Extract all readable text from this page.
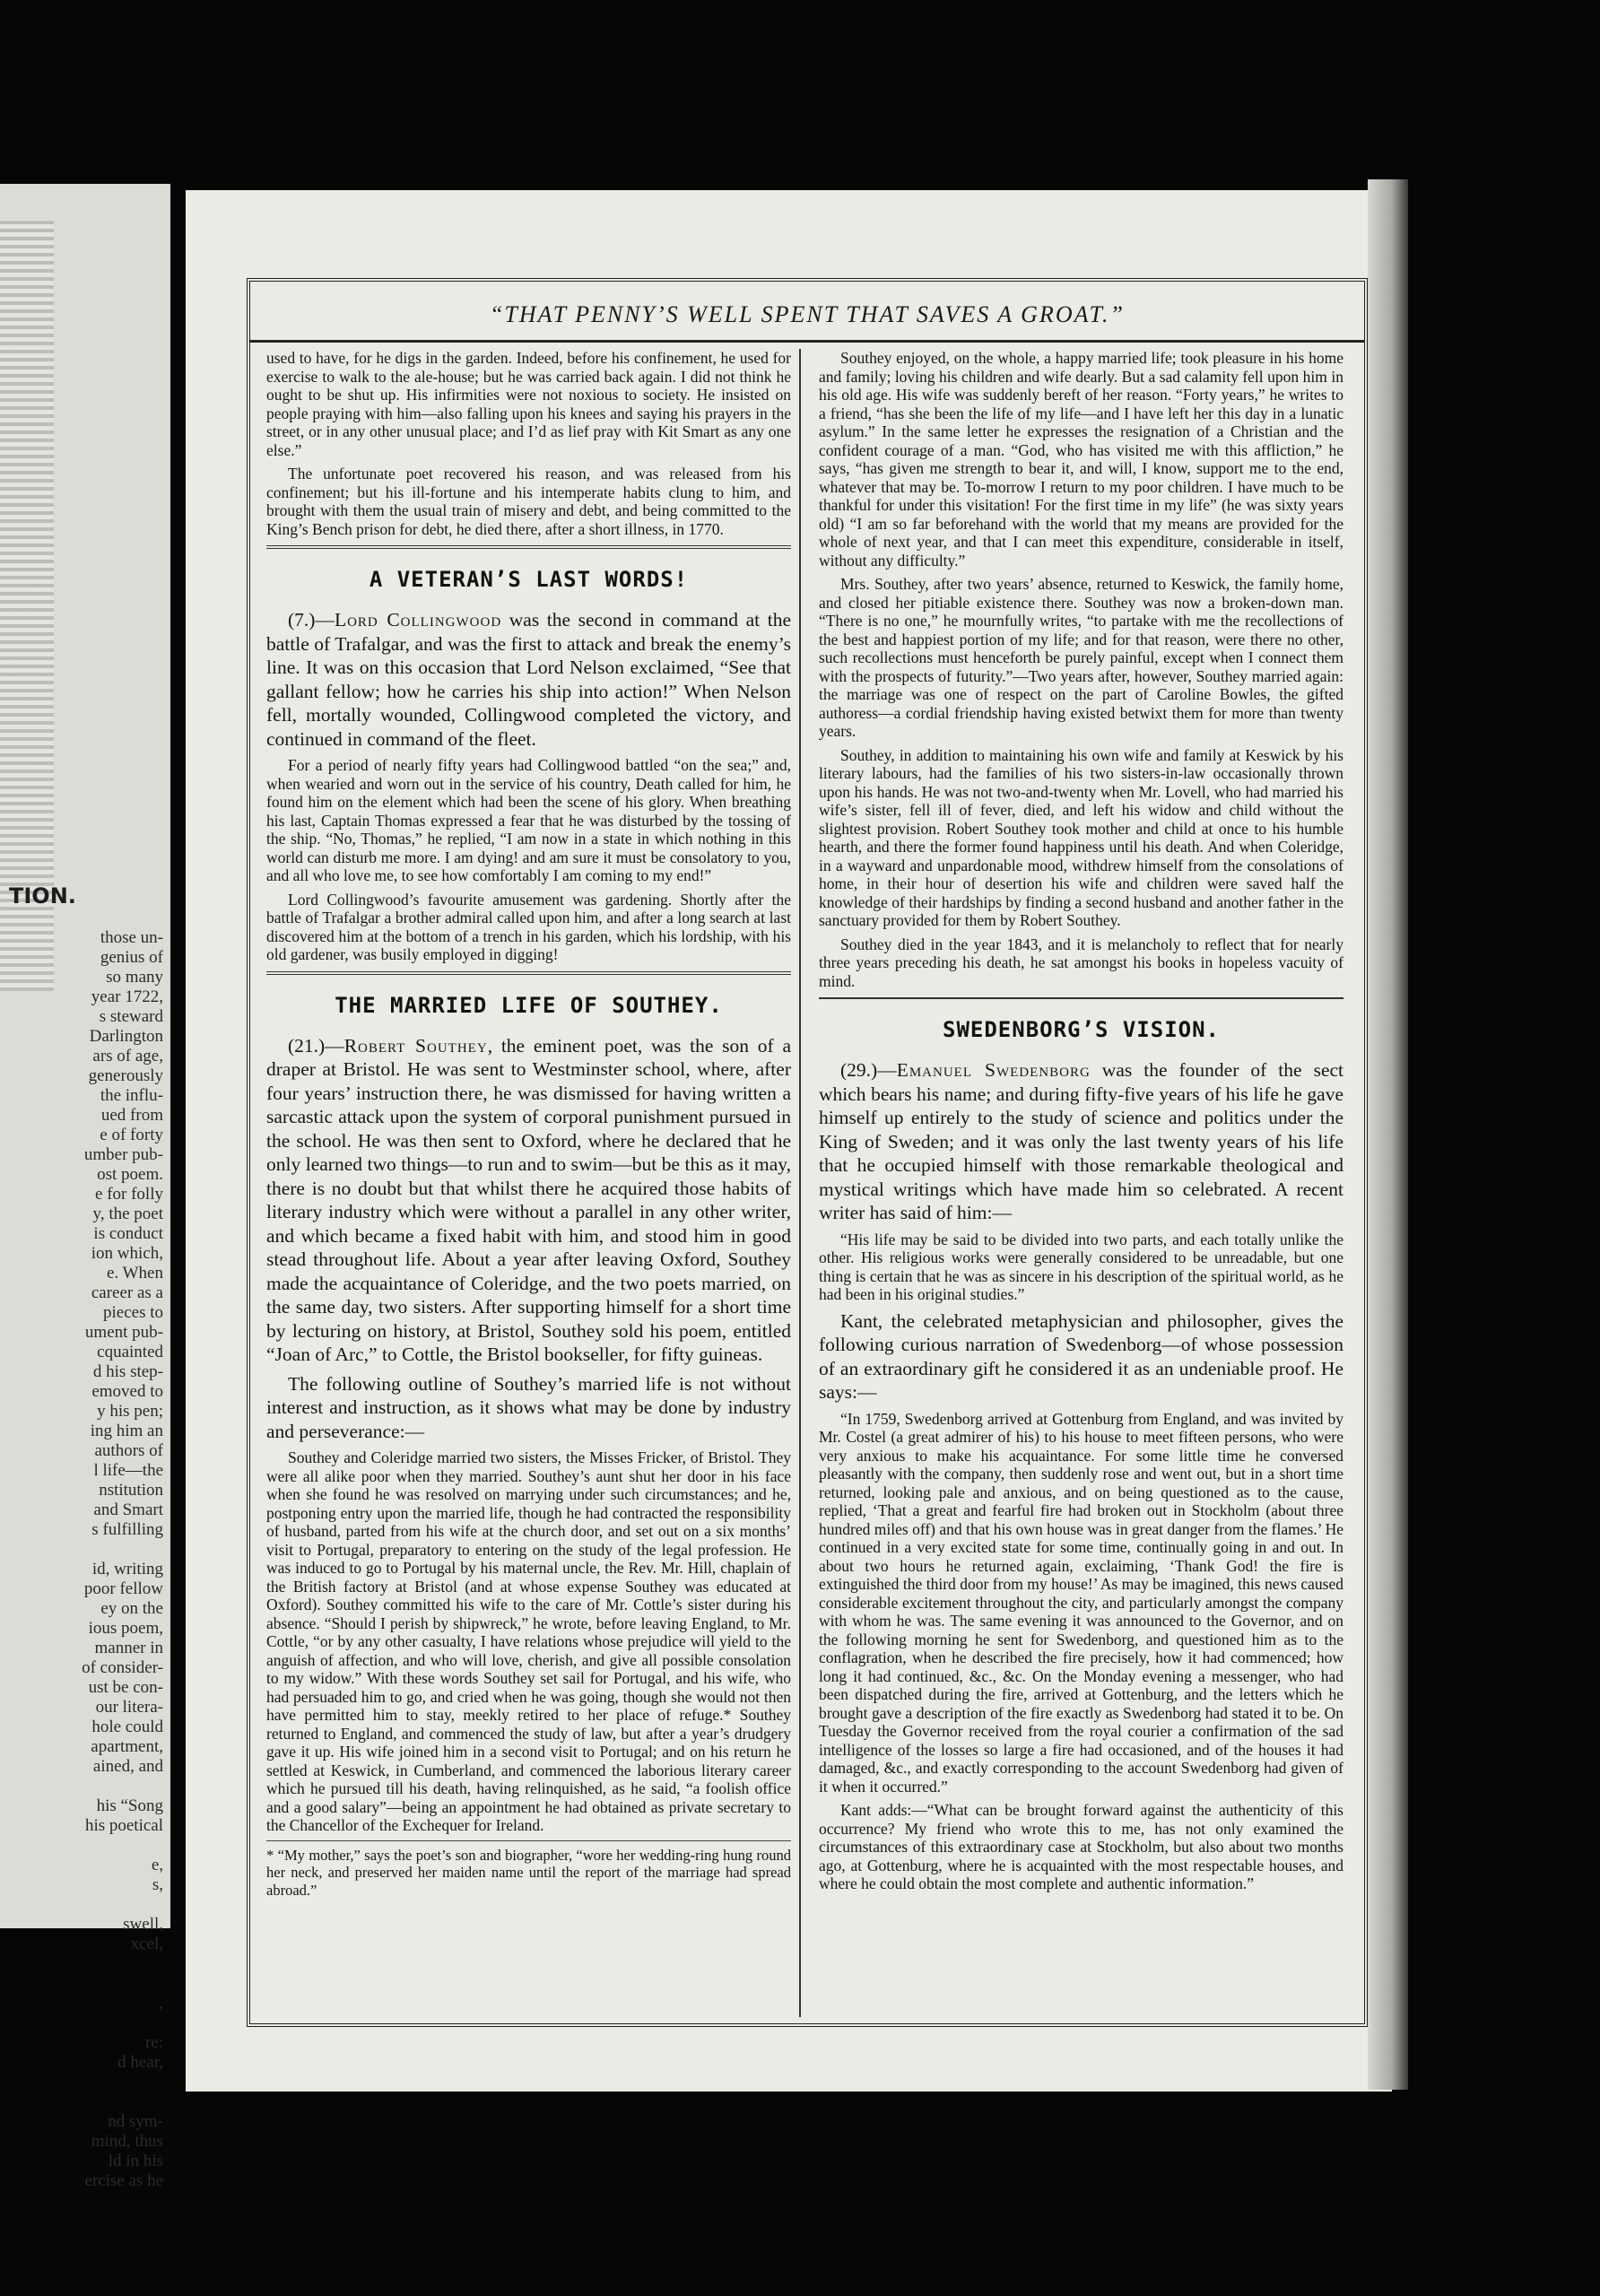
TION.
those un-
genius of
so many
year 1722,
s steward
Darlington
ars of age,
generously
the influ-
ued from
e of forty
umber pub-
ost poem.
e for folly
y, the poet
is conduct
ion which,
e. When
career as a
pieces to
ument pub-
cquainted
d his step-
emoved to
y his pen;
ing him an
authors of
l life—the
nstitution
and Smart
s fulfilling
id, writing
poor fellow
ey on the
ious poem,
manner in
of consider-
ust be con-
our litera-
hole could
apartment,
ained, and
his “Song
his poetical
e,
s,
swell,
xcel,
,
re:
d hear,
nd sym-
mind, thus
ld in his
ercise as he
“THAT PENNY’S WELL SPENT THAT SAVES A GROAT.”

used to have, for he digs in the garden. Indeed, before his confinement, he used for exercise to walk to the ale-house; but he was carried back again. I did not think he ought to be shut up. His infirmities were not noxious to society. He insisted on people praying with him—also falling upon his knees and saying his prayers in the street, or in any other unusual place; and I’d as lief pray with Kit Smart as any one else.”

The unfortunate poet recovered his reason, and was released from his confinement; but his ill-fortune and his intemperate habits clung to him, and brought with them the usual train of misery and debt, and being committed to the King’s Bench prison for debt, he died there, after a short illness, in 1770.

A VETERAN’S LAST WORDS!

(7.)—Lord Collingwood was the second in command at the battle of Trafalgar, and was the first to attack and break the enemy’s line. It was on this occasion that Lord Nelson exclaimed, “See that gallant fellow; how he carries his ship into action!” When Nelson fell, mortally wounded, Collingwood completed the victory, and continued in command of the fleet.

For a period of nearly fifty years had Collingwood battled “on the sea;” and, when wearied and worn out in the service of his country, Death called for him, he found him on the element which had been the scene of his glory. When breathing his last, Captain Thomas expressed a fear that he was disturbed by the tossing of the ship. “No, Thomas,” he replied, “I am now in a state in which nothing in this world can disturb me more. I am dying! and am sure it must be consolatory to you, and all who love me, to see how comfortably I am coming to my end!”

Lord Collingwood’s favourite amusement was gardening. Shortly after the battle of Trafalgar a brother admiral called upon him, and after a long search at last discovered him at the bottom of a trench in his garden, which his lordship, with his old gardener, was busily employed in digging!

THE MARRIED LIFE OF SOUTHEY.

(21.)—Robert Southey, the eminent poet, was the son of a draper at Bristol. He was sent to Westminster school, where, after four years’ instruction there, he was dismissed for having written a sarcastic attack upon the system of corporal punishment pursued in the school. He was then sent to Oxford, where he declared that he only learned two things—to run and to swim—but be this as it may, there is no doubt but that whilst there he acquired those habits of literary industry which were without a parallel in any other writer, and which became a fixed habit with him, and stood him in good stead throughout life. About a year after leaving Oxford, Southey made the acquaintance of Coleridge, and the two poets married, on the same day, two sisters. After supporting himself for a short time by lecturing on history, at Bristol, Southey sold his poem, entitled “Joan of Arc,” to Cottle, the Bristol bookseller, for fifty guineas.

The following outline of Southey’s married life is not without interest and instruction, as it shows what may be done by industry and perseverance:—

Southey and Coleridge married two sisters, the Misses Fricker, of Bristol. They were all alike poor when they married. Southey’s aunt shut her door in his face when she found he was resolved on marrying under such circumstances; and he, postponing entry upon the married life, though he had contracted the responsibility of husband, parted from his wife at the church door, and set out on a six months’ visit to Portugal, preparatory to entering on the study of the legal profession. He was induced to go to Portugal by his maternal uncle, the Rev. Mr. Hill, chaplain of the British factory at Bristol (and at whose expense Southey was educated at Oxford). Southey committed his wife to the care of Mr. Cottle’s sister during his absence. “Should I perish by shipwreck,” he wrote, before leaving England, to Mr. Cottle, “or by any other casualty, I have relations whose prejudice will yield to the anguish of affection, and who will love, cherish, and give all possible consolation to my widow.” With these words Southey set sail for Portugal, and his wife, who had persuaded him to go, and cried when he was going, though she would not then have permitted him to stay, meekly retired to her place of refuge.* Southey returned to England, and commenced the study of law, but after a year’s drudgery gave it up. His wife joined him in a second visit to Portugal; and on his return he settled at Keswick, in Cumberland, and commenced the laborious literary career which he pursued till his death, having relinquished, as he said, “a foolish office and a good salary”—being an appointment he had obtained as private secretary to the Chancellor of the Exchequer for Ireland.

* “My mother,” says the poet’s son and biographer, “wore her wedding-ring hung round her neck, and preserved her maiden name until the report of the marriage had spread abroad.”

Southey enjoyed, on the whole, a happy married life; took pleasure in his home and family; loving his children and wife dearly. But a sad calamity fell upon him in his old age. His wife was suddenly bereft of her reason. “Forty years,” he writes to a friend, “has she been the life of my life—and I have left her this day in a lunatic asylum.” In the same letter he expresses the resignation of a Christian and the confident courage of a man. “God, who has visited me with this affliction,” he says, “has given me strength to bear it, and will, I know, support me to the end, whatever that may be. To-morrow I return to my poor children. I have much to be thankful for under this visitation! For the first time in my life” (he was sixty years old) “I am so far beforehand with the world that my means are provided for the whole of next year, and that I can meet this expenditure, considerable in itself, without any difficulty.”

Mrs. Southey, after two years’ absence, returned to Keswick, the family home, and closed her pitiable existence there. Southey was now a broken-down man. “There is no one,” he mournfully writes, “to partake with me the recollections of the best and happiest portion of my life; and for that reason, were there no other, such recollections must henceforth be purely painful, except when I connect them with the prospects of futurity.”—Two years after, however, Southey married again: the marriage was one of respect on the part of Caroline Bowles, the gifted authoress—a cordial friendship having existed betwixt them for more than twenty years.

Southey, in addition to maintaining his own wife and family at Keswick by his literary labours, had the families of his two sisters-in-law occasionally thrown upon his hands. He was not two-and-twenty when Mr. Lovell, who had married his wife’s sister, fell ill of fever, died, and left his widow and child without the slightest provision. Robert Southey took mother and child at once to his humble hearth, and there the former found happiness until his death. And when Coleridge, in a wayward and unpardonable mood, withdrew himself from the consolations of home, in their hour of desertion his wife and children were saved half the knowledge of their hardships by finding a second husband and another father in the sanctuary provided for them by Robert Southey.

Southey died in the year 1843, and it is melancholy to reflect that for nearly three years preceding his death, he sat amongst his books in hopeless vacuity of mind.

SWEDENBORG’S VISION.

(29.)—Emanuel Swedenborg was the founder of the sect which bears his name; and during fifty-five years of his life he gave himself up entirely to the study of science and politics under the King of Sweden; and it was only the last twenty years of his life that he occupied himself with those remarkable theological and mystical writings which have made him so celebrated. A recent writer has said of him:—

“His life may be said to be divided into two parts, and each totally unlike the other. His religious works were generally considered to be unreadable, but one thing is certain that he was as sincere in his description of the spiritual world, as he had been in his original studies.”

Kant, the celebrated metaphysician and philosopher, gives the following curious narration of Swedenborg—of whose possession of an extraordinary gift he considered it as an undeniable proof. He says:—

“In 1759, Swedenborg arrived at Gottenburg from England, and was invited by Mr. Costel (a great admirer of his) to his house to meet fifteen persons, who were very anxious to make his acquaintance. For some little time he conversed pleasantly with the company, then suddenly rose and went out, but in a short time returned, looking pale and anxious, and on being questioned as to the cause, replied, ‘That a great and fearful fire had broken out in Stockholm (about three hundred miles off) and that his own house was in great danger from the flames.’ He continued in a very excited state for some time, continually going in and out. In about two hours he returned again, exclaiming, ‘Thank God! the fire is extinguished the third door from my house!’ As may be imagined, this news caused considerable excitement throughout the city, and particularly amongst the company with whom he was. The same evening it was announced to the Governor, and on the following morning he sent for Swedenborg, and questioned him as to the conflagration, when he described the fire precisely, how it had commenced; how long it had continued, &c., &c. On the Monday evening a messenger, who had been dispatched during the fire, arrived at Gottenburg, and the letters which he brought gave a description of the fire exactly as Swedenborg had stated it to be. On Tuesday the Governor received from the royal courier a confirmation of the sad intelligence of the losses so large a fire had occasioned, and of the houses it had damaged, &c., and exactly corresponding to the account Swedenborg had given of it when it occurred.”

Kant adds:—“What can be brought forward against the authenticity of this occurrence? My friend who wrote this to me, has not only examined the circumstances of this extraordinary case at Stockholm, but also about two months ago, at Gottenburg, where he is acquainted with the most respectable houses, and where he could obtain the most complete and authentic information.”
